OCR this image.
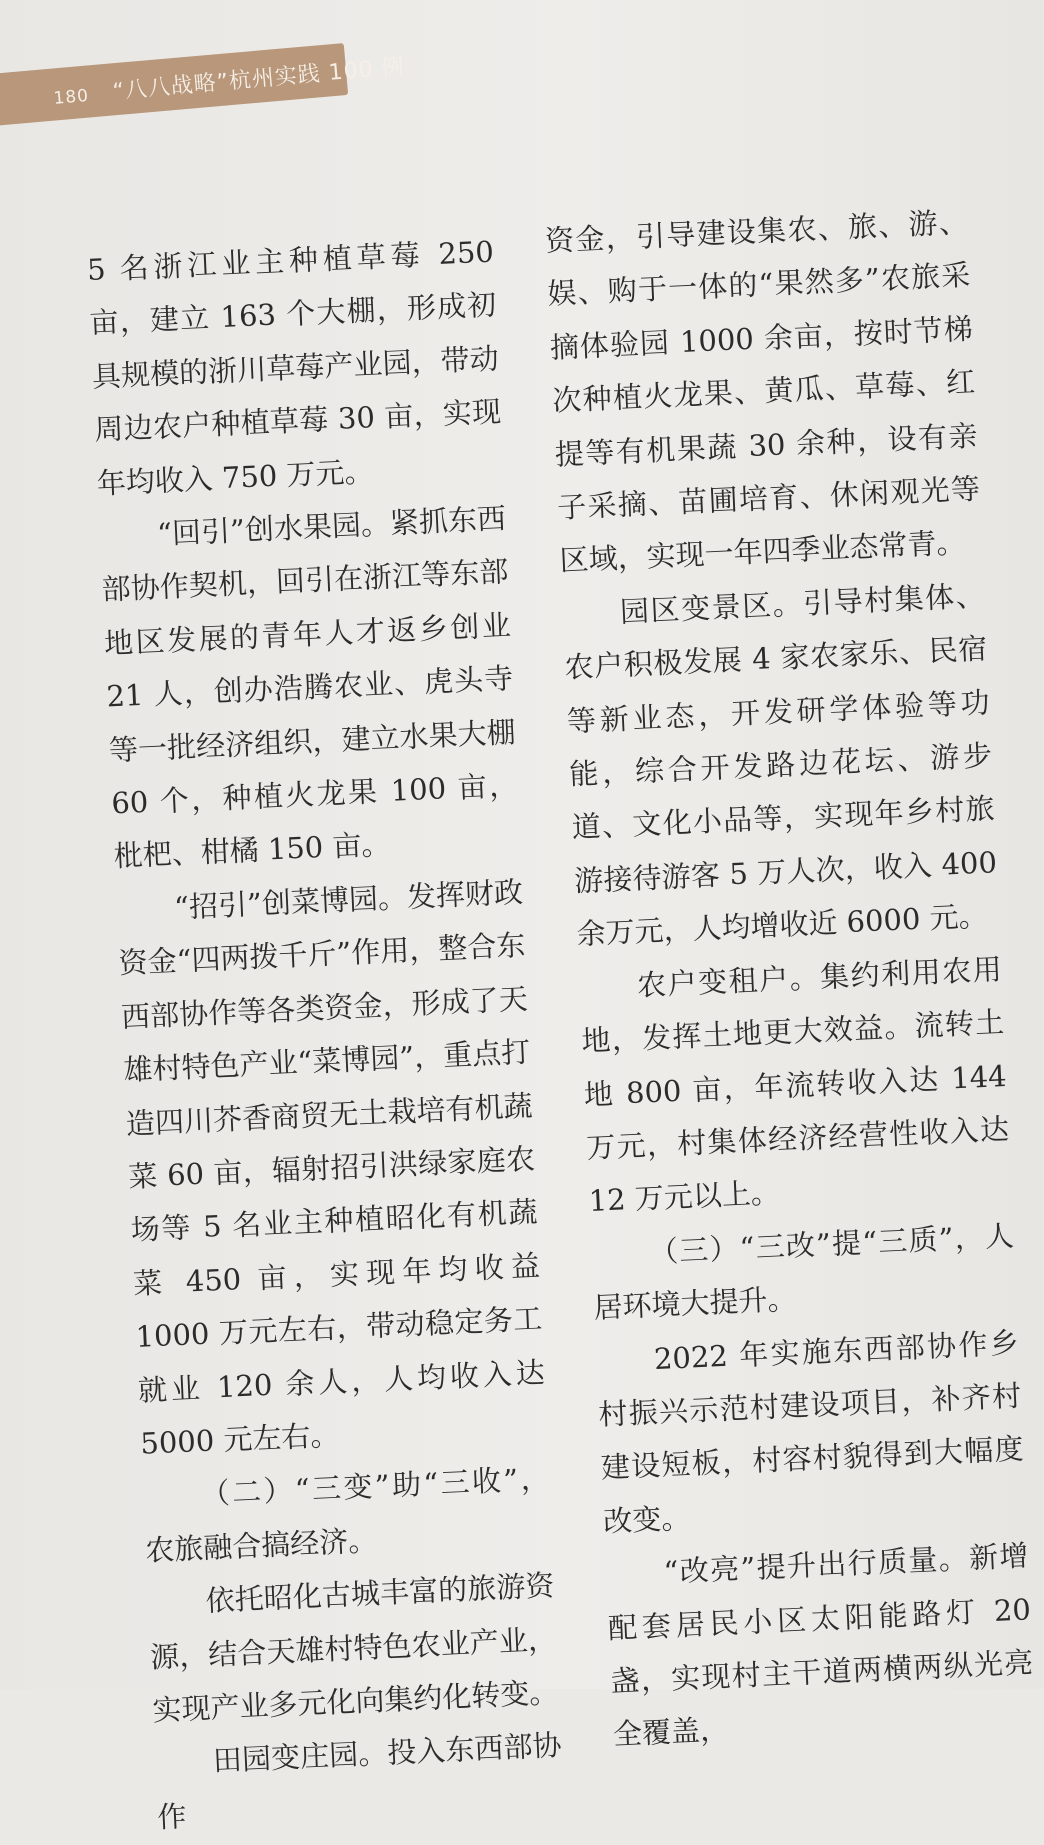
180 “八八战略”杭州实践 100 例

5 名浙江业主种植草莓 250 亩，建立 163 个大棚，形成初具规模的浙川草莓产业园，带动周边农户种植草莓 30 亩，实现年均收入 750 万元。

“回引”创水果园。紧抓东西部协作契机，回引在浙江等东部地区发展的青年人才返乡创业 21 人，创办浩腾农业、虎头寺等一批经济组织，建立水果大棚 60 个，种植火龙果 100 亩，枇杷、柑橘 150 亩。

“招引”创菜博园。发挥财政资金“四两拨千斤”作用，整合东西部协作等各类资金，形成了天雄村特色产业“菜博园”，重点打造四川芥香商贸无土栽培有机蔬菜 60 亩，辐射招引洪绿家庭农场等 5 名业主种植昭化有机蔬菜 450 亩，实现年均收益 1000 万元左右，带动稳定务工就业 120 余人，人均收入达 5000 元左右。

（二）“三变”助“三收”，农旅融合搞经济。

依托昭化古城丰富的旅游资源，结合天雄村特色农业产业，实现产业多元化向集约化转变。

田园变庄园。投入东西部协作

资金，引导建设集农、旅、游、娱、购于一体的“果然多”农旅采摘体验园 1000 余亩，按时节梯次种植火龙果、黄瓜、草莓、红提等有机果蔬 30 余种，设有亲子采摘、苗圃培育、休闲观光等区域，实现一年四季业态常青。

园区变景区。引导村集体、农户积极发展 4 家农家乐、民宿等新业态，开发研学体验等功能，综合开发路边花坛、游步道、文化小品等，实现年乡村旅游接待游客 5 万人次，收入 400 余万元，人均增收近 6000 元。

农户变租户。集约利用农用地，发挥土地更大效益。流转土地 800 亩，年流转收入达 144 万元，村集体经济经营性收入达 12 万元以上。

（三）“三改”提“三质”，人居环境大提升。

2022 年实施东西部协作乡村振兴示范村建设项目，补齐村建设短板，村容村貌得到大幅度改变。

“改亮”提升出行质量。新增配套居民小区太阳能路灯 20 盏，实现村主干道两横两纵光亮全覆盖，
